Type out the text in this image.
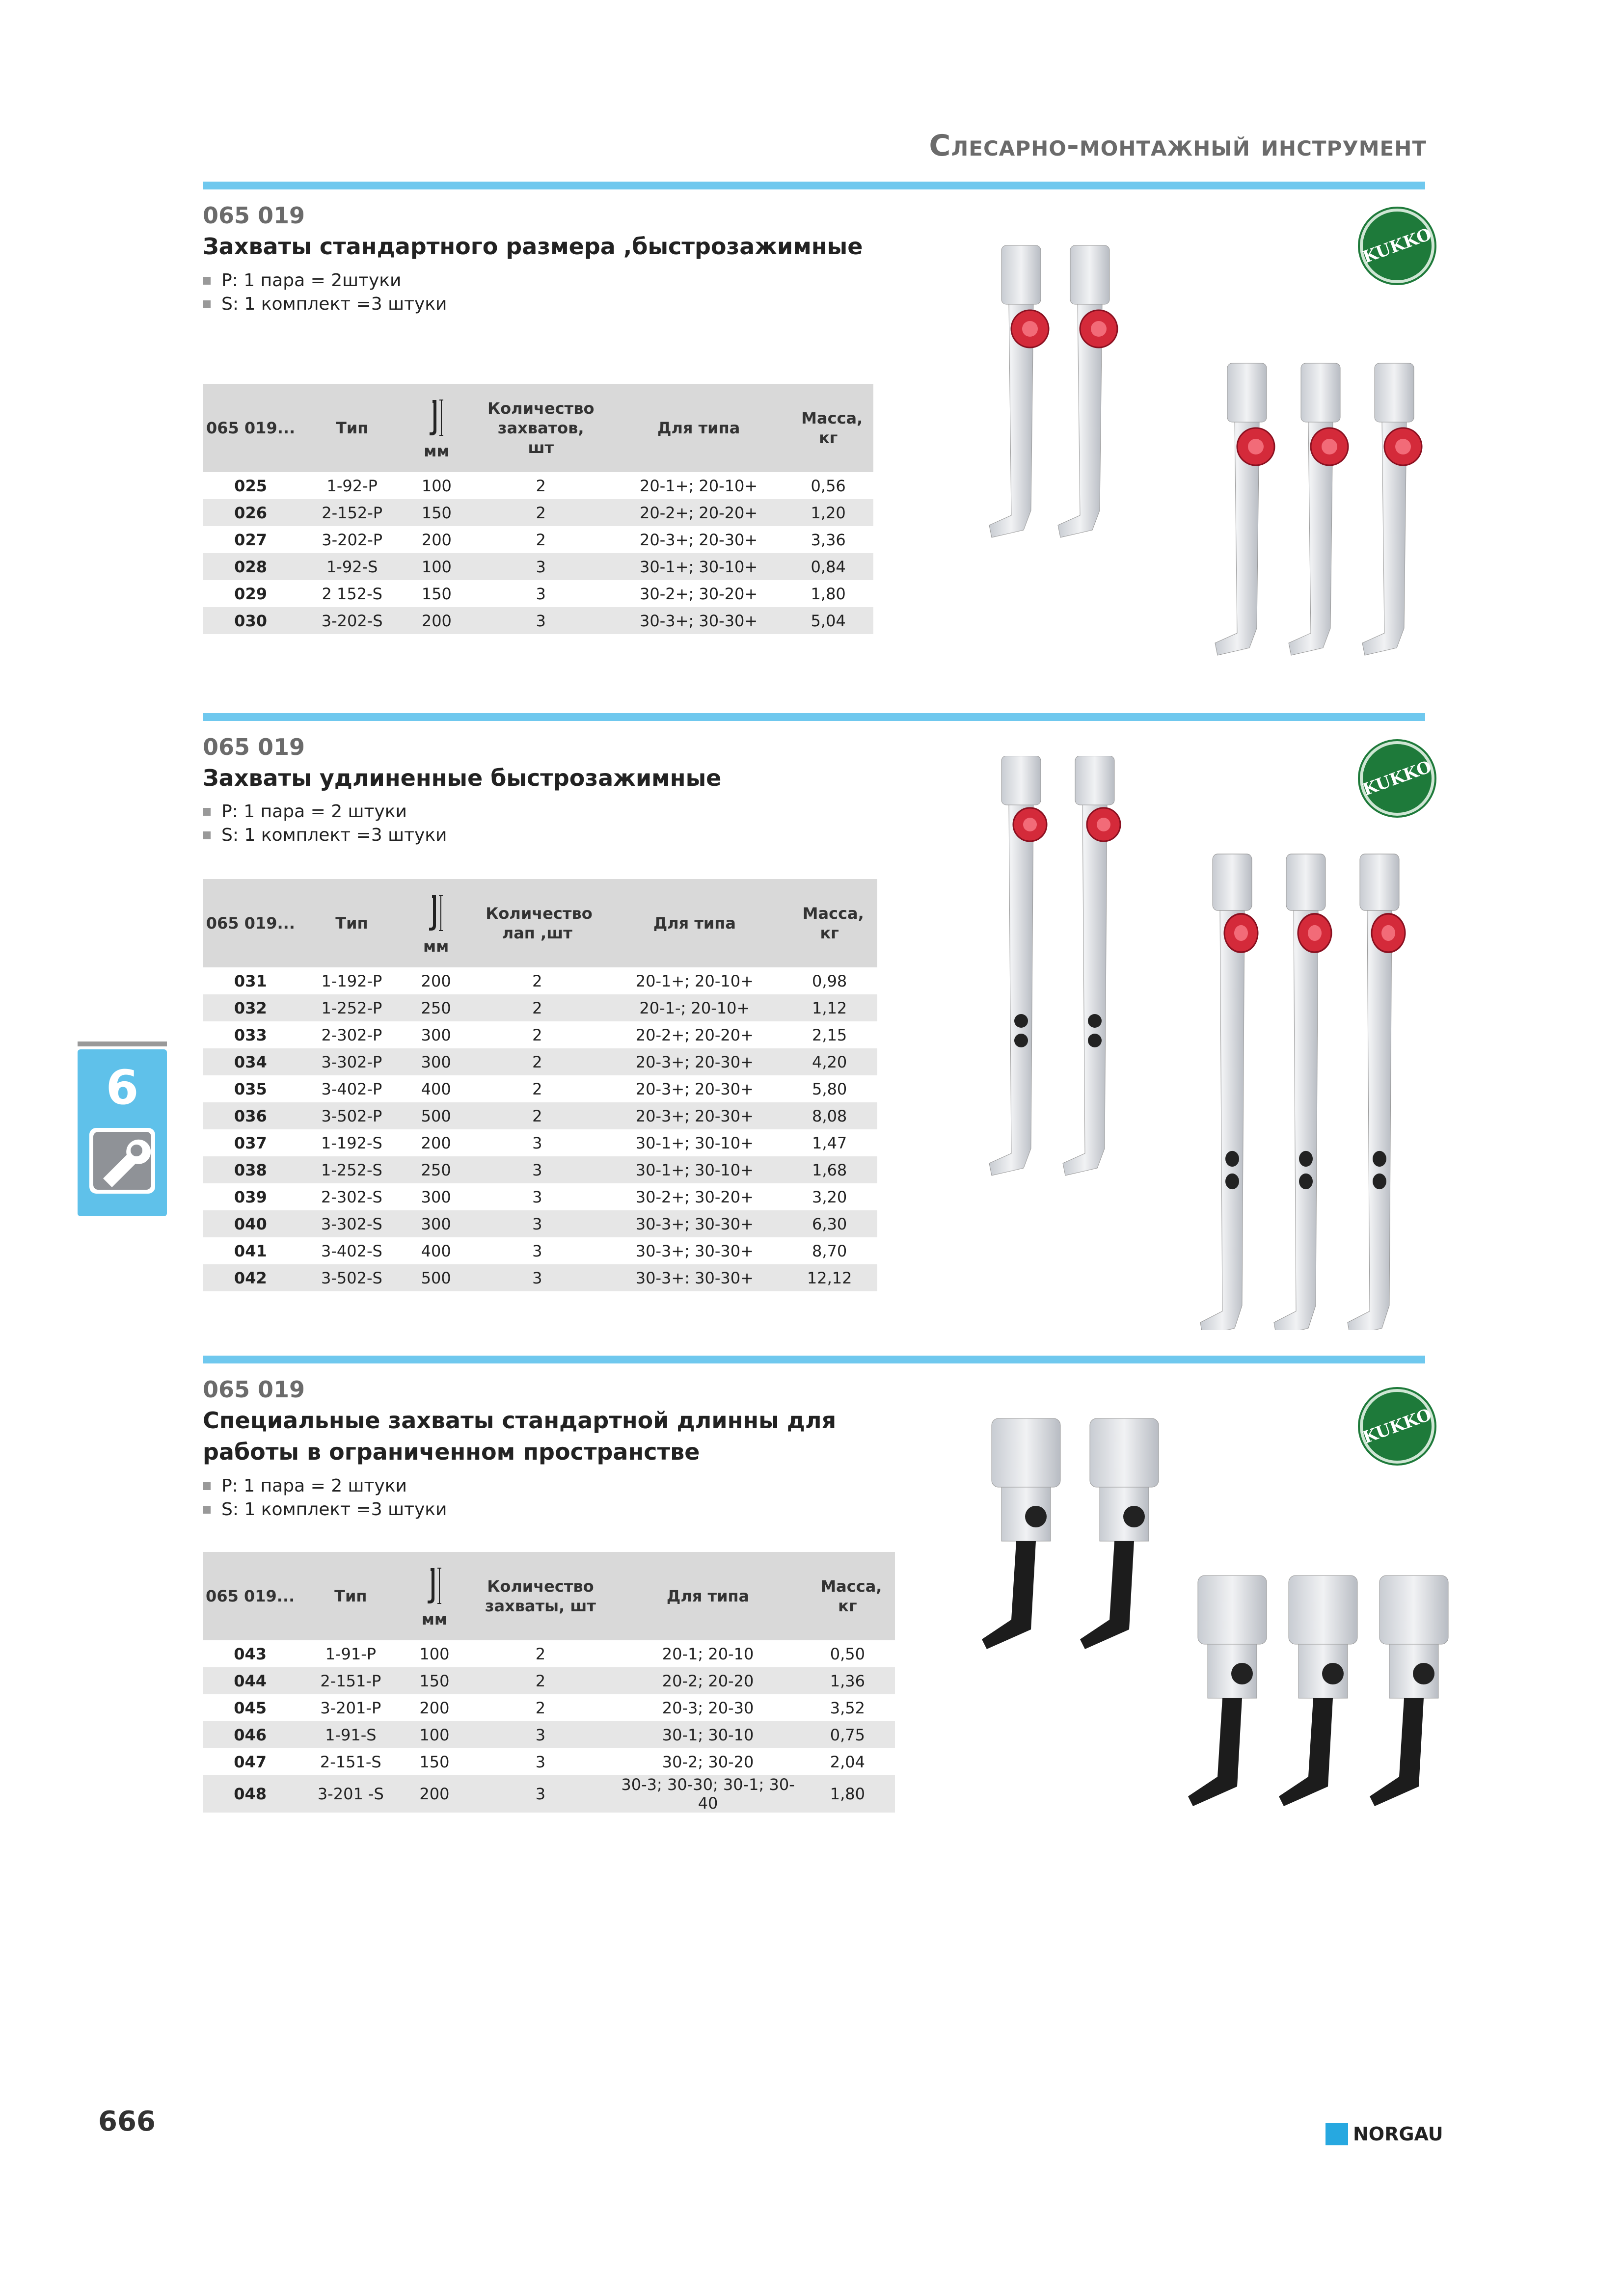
Слесарно-монтажный инструмент
065 019
Захваты стандартного размера ,быстрозажимные
P: 1 пара = 2штуки
S: 1 комплект =3 штуки
065 019...	Тип	мм	Количество захватов, шт	Для типа	Масса, кг
025	1-92-P	100	2	20-1+; 20-10+	0,56
026	2-152-P	150	2	20-2+; 20-20+	1,20
027	3-202-P	200	2	20-3+; 20-30+	3,36
028	1-92-S	100	3	30-1+; 30-10+	0,84
029	2 152-S	150	3	30-2+; 30-20+	1,80
030	3-202-S	200	3	30-3+; 30-30+	5,04
065 019
Захваты удлиненные быстрозажимные
P: 1 пара = 2 штуки
S: 1 комплект =3 штуки
065 019...	Тип	мм	Количество лап ,шт	Для типа	Масса, кг
031	1-192-P	200	2	20-1+; 20-10+	0,98
032	1-252-P	250	2	20-1-; 20-10+	1,12
033	2-302-P	300	2	20-2+; 20-20+	2,15
034	3-302-P	300	2	20-3+; 20-30+	4,20
035	3-402-P	400	2	20-3+; 20-30+	5,80
036	3-502-P	500	2	20-3+; 20-30+	8,08
037	1-192-S	200	3	30-1+; 30-10+	1,47
038	1-252-S	250	3	30-1+; 30-10+	1,68
039	2-302-S	300	3	30-2+; 30-20+	3,20
040	3-302-S	300	3	30-3+; 30-30+	6,30
041	3-402-S	400	3	30-3+; 30-30+	8,70
042	3-502-S	500	3	30-3+: 30-30+	12,12
065 019
Специальные захваты стандартной длинны для
работы в ограниченном пространстве
P: 1 пара = 2 штуки
S: 1 комплект =3 штуки
065 019...	Тип	мм	Количество захваты, шт	Для типа	Масса, кг
043	1-91-P	100	2	20-1; 20-10	0,50
044	2-151-P	150	2	20-2; 20-20	1,36
045	3-201-P	200	2	20-3; 20-30	3,52
046	1-91-S	100	3	30-1; 30-10	0,75
047	2-151-S	150	3	30-2; 30-20	2,04
048	3-201 -S	200	3	30-3; 30-30; 30-1; 30-40	1,80
KUKKO
KUKKO
KUKKO
6
666	NORGAU
